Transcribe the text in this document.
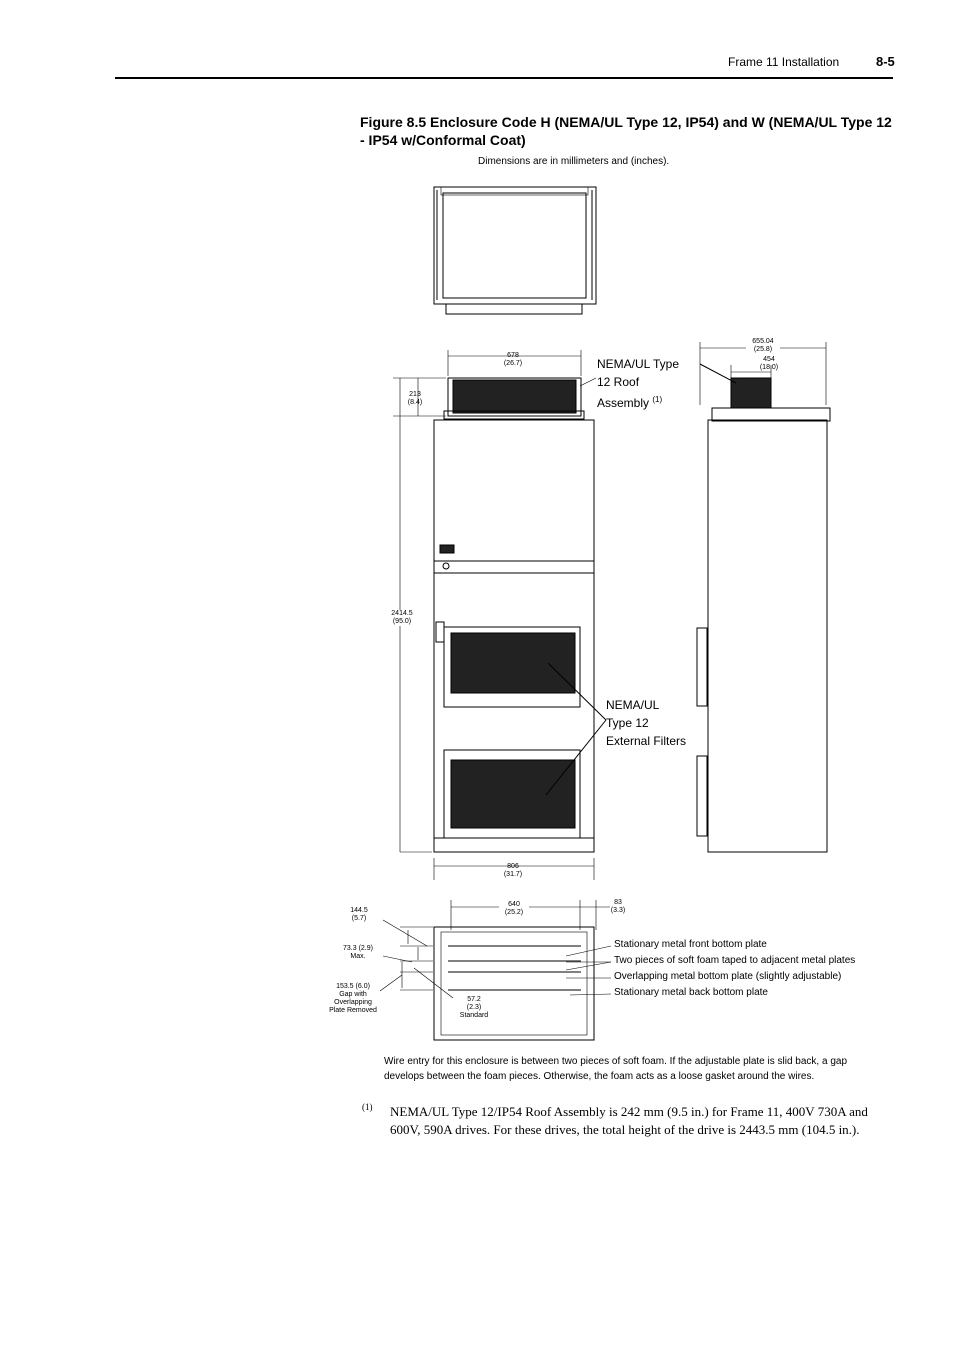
Frame 11 Installation	8-5
Figure 8.5 Enclosure Code H (NEMA/UL Type 12, IP54) and W (NEMA/UL Type 12 - IP54 w/Conformal Coat)
Dimensions are in millimeters and (inches).
678
(26.7)
213
(8.4)
2414.5
(95.0)
806
(31.7)
655.04
(25.8)
454
(18.0)
NEMA/UL Type
12 Roof
Assembly $^{(1)}$
NEMA/UL
Type 12
External Filters
640
(25.2)
83
(3.3)
144.5
(5.7)
73.3 (2.9)
Max.
153.5 (6.0)
Gap with
Overlapping
Plate Removed
57.2
(2.3)
Standard
Stationary metal front bottom plate
Two pieces of soft foam taped to adjacent metal plates
Overlapping metal bottom plate (slightly adjustable)
Stationary metal back bottom plate
Wire entry for this enclosure is between two pieces of soft foam. If the adjustable plate is slid back, a gap develops between the foam pieces. Otherwise, the foam acts as a loose gasket around the wires.
(1) NEMA/UL Type 12/IP54 Roof Assembly is 242 mm (9.5 in.) for Frame 11, 400V 730A and 600V, 590A drives. For these drives, the total height of the drive is 2443.5 mm (104.5 in.).
